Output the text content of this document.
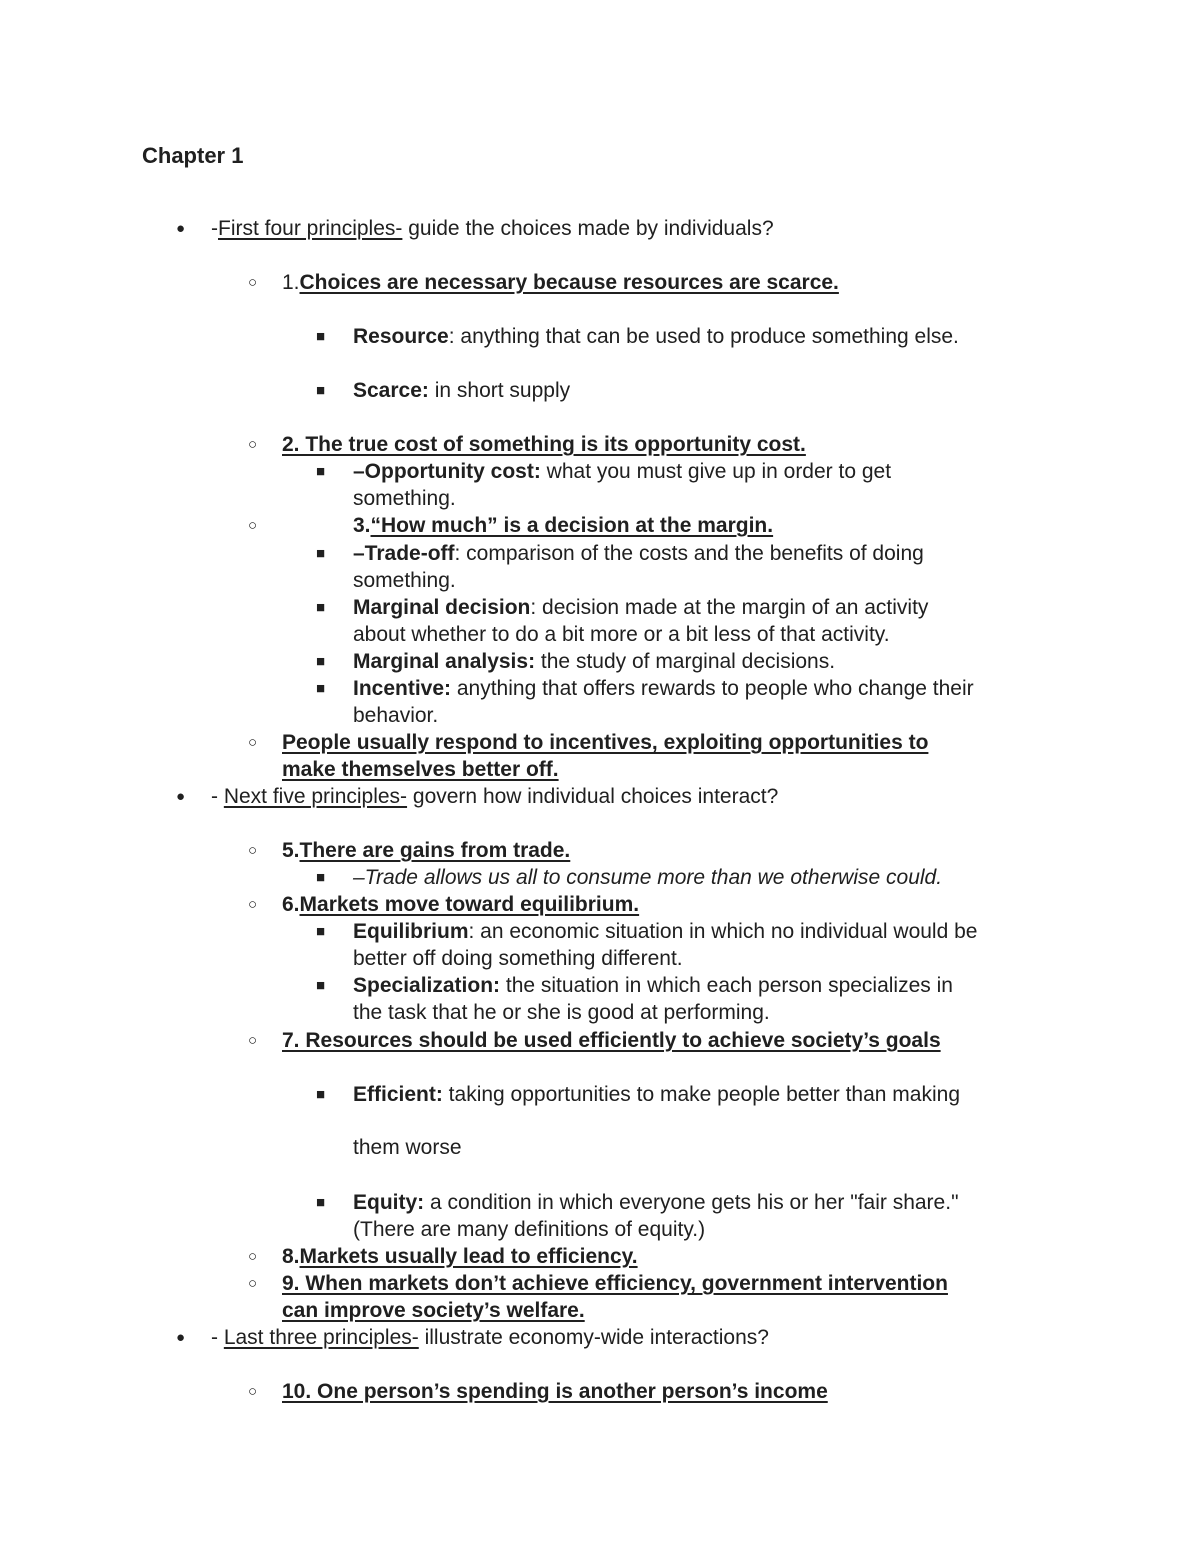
Chapter 1
● -First four principles- guide the choices made by individuals?
○ 1.Choices are necessary because resources are scarce.
■ Resource: anything that can be used to produce something else.
■ Scarce: in short supply
○ 2. The true cost of something is its opportunity cost.
■ –Opportunity cost: what you must give up in order to get
something.
○	3.“How much” is a decision at the margin.
■ –Trade-off: comparison of the costs and the benefits of doing
something.
■ Marginal decision: decision made at the margin of an activity
about whether to do a bit more or a bit less of that activity.
■ Marginal analysis: the study of marginal decisions.
■ Incentive: anything that offers rewards to people who change their
behavior.
○ People usually respond to incentives, exploiting opportunities to
make themselves better off.
● - Next five principles- govern how individual choices interact?
○ 5.There are gains from trade.
■ –Trade allows us all to consume more than we otherwise could.
○ 6.Markets move toward equilibrium.
■ Equilibrium: an economic situation in which no individual would be
better off doing something different.
■ Specialization: the situation in which each person specializes in
the task that he or she is good at performing.
○ 7. Resources should be used efficiently to achieve society’s goals
■ Efficient: taking opportunities to make people better than making
them worse
■ Equity: a condition in which everyone gets his or her "fair share."
(There are many definitions of equity.)
○ 8.Markets usually lead to efficiency.
○ 9. When markets don’t achieve efficiency, government intervention
can improve society’s welfare.
● - Last three principles- illustrate economy-wide interactions?
○ 10. One person’s spending is another person’s income
